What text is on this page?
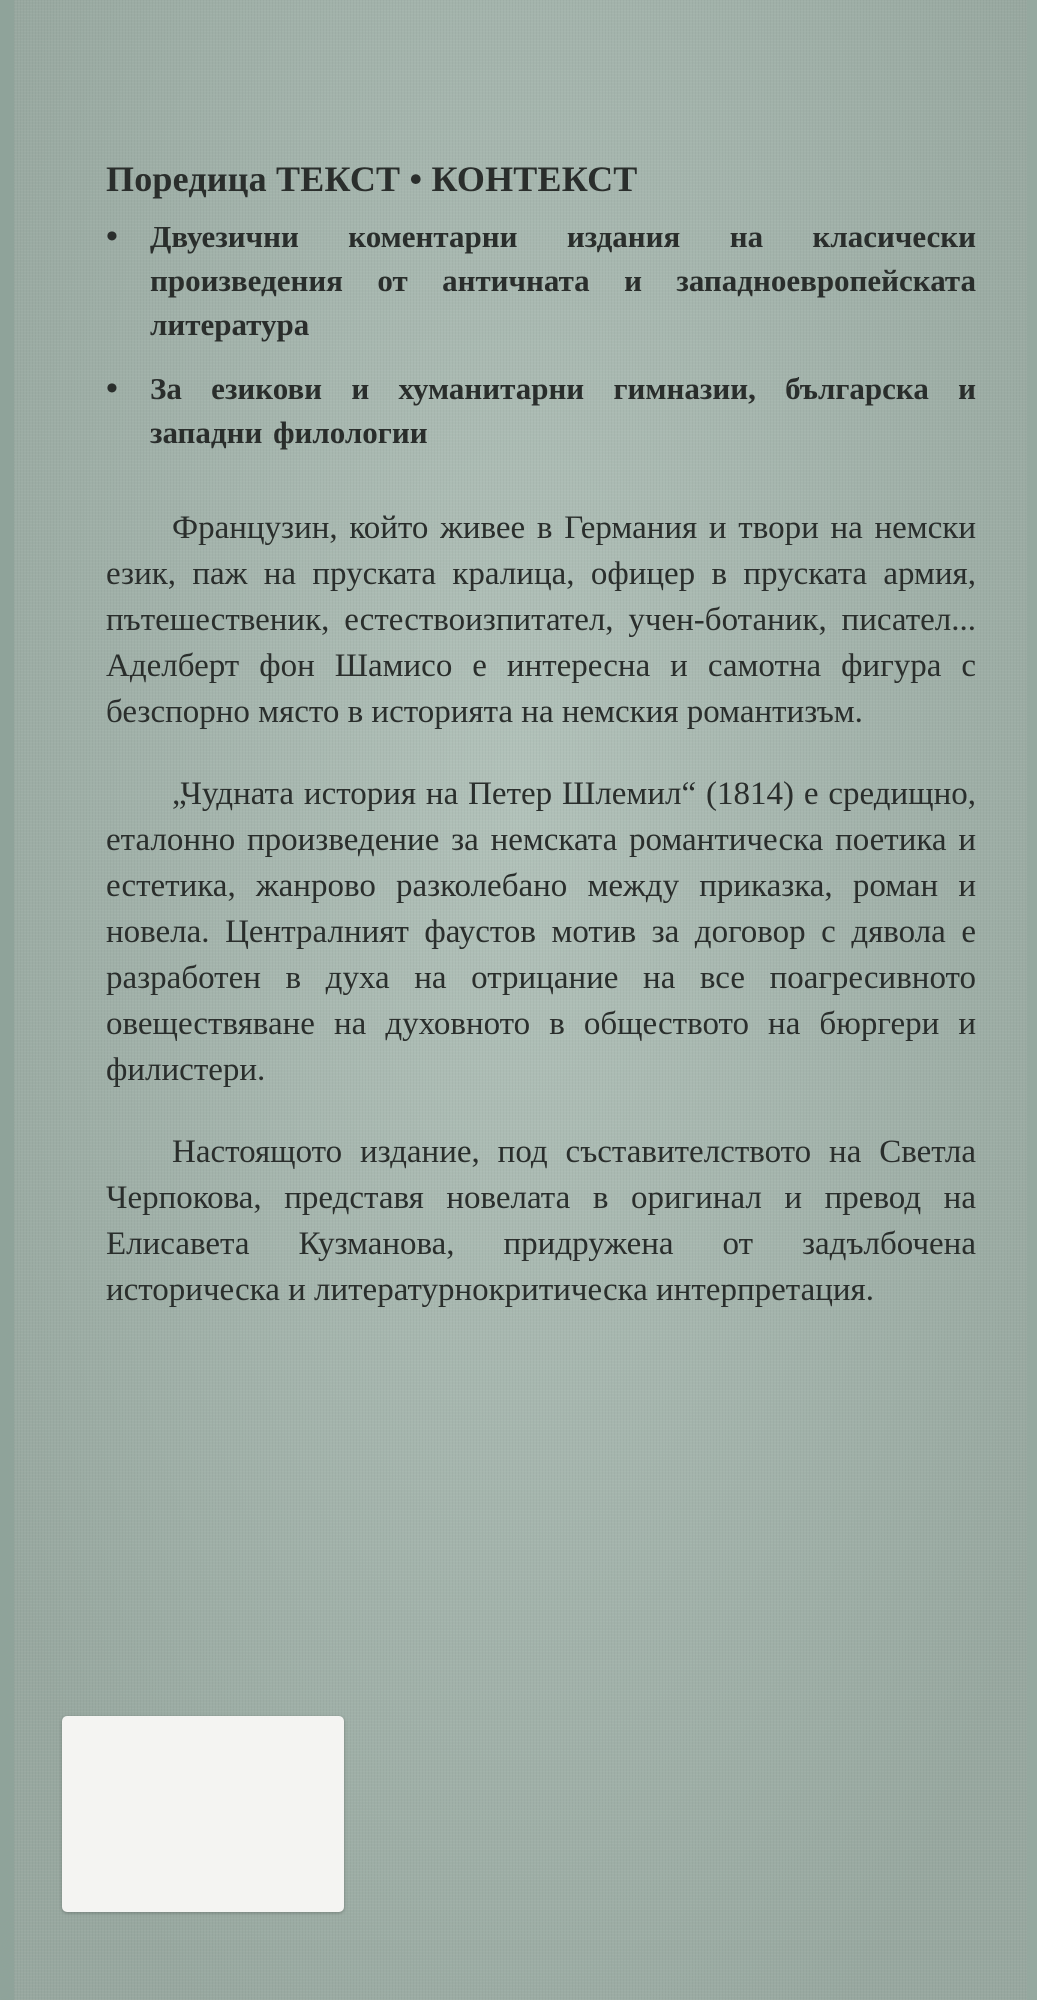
Поредица ТЕКСТ • КОНТЕКСТ
• Двуезични коментарни издания на класически произведения от античната и западноевропейската литература
• За езикови и хуманитарни гимназии, българска и западни филологии

Французин, който живее в Германия и твори на немски език, паж на пруската кралица, офицер в пруската армия, пътешественик, естествоизпитател, учен-ботаник, писател... Аделберт фон Шамисо е интересна и самотна фигура с безспорно място в историята на немския романтизъм.

„Чудната история на Петер Шлемил“ (1814) е средищно, еталонно произведение за немската романтическа поетика и естетика, жанрово разколебано между приказка, роман и новела. Централният фаустов мотив за договор с дявола е разработен в духа на отрицание на все поагресивното овеществяване на духовното в обществото на бюргери и филистери.

Настоящото издание, под съставителството на Светла Черпокова, представя новелата в оригинал и превод на Елисавета Кузманова, придружена от задълбочена историческа и литературнокритическа интерпретация.
